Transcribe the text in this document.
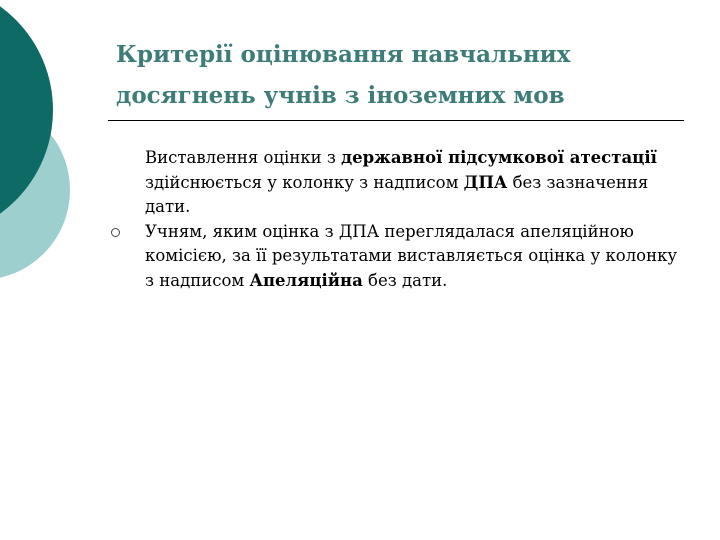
Критерії оцінювання навчальних досягнень учнів з іноземних мов
Виставлення оцінки з державної підсумкової атестації здійснюється у колонку з надписом ДПА без зазначення дати.
Учням, яким оцінка з ДПА переглядалася апеляційною комісією, за її результатами виставляється оцінка у колонку з надписом Апеляційна без дати.
